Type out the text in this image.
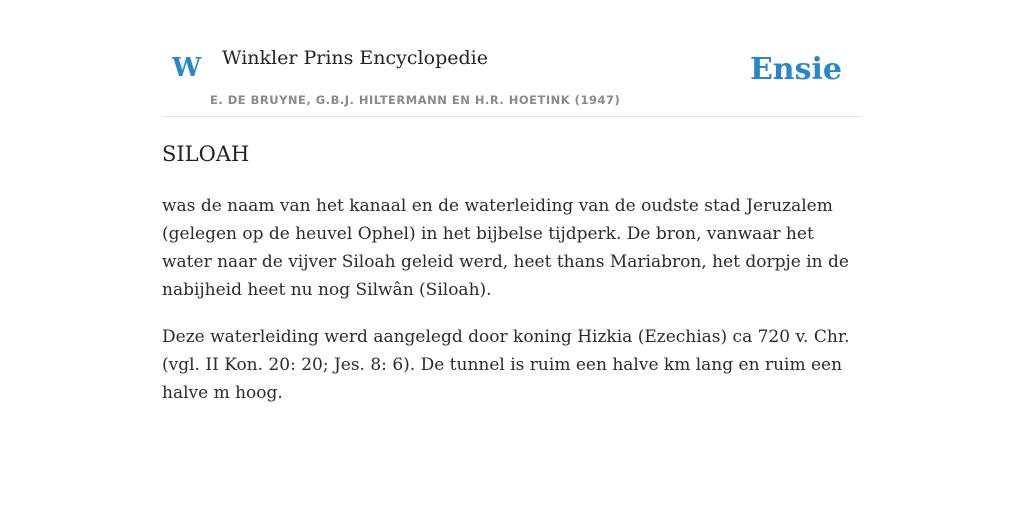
W Winkler Prins Encyclopedie
E. DE BRUYNE, G.B.J. HILTERMANN EN H.R. HOETINK (1947)
Ensie
SILOAH

was de naam van het kanaal en de waterleiding van de oudste stad Jeruzalem (gelegen op de heuvel Ophel) in het bijbelse tijdperk. De bron, vanwaar het water naar de vijver Siloah geleid werd, heet thans Mariabron, het dorpje in de nabijheid heet nu nog Silwân (Siloah).

Deze waterleiding werd aangelegd door koning Hizkia (Ezechias) ca 720 v. Chr. (vgl. II Kon. 20: 20; Jes. 8: 6). De tunnel is ruim een halve km lang en ruim een halve m hoog.
